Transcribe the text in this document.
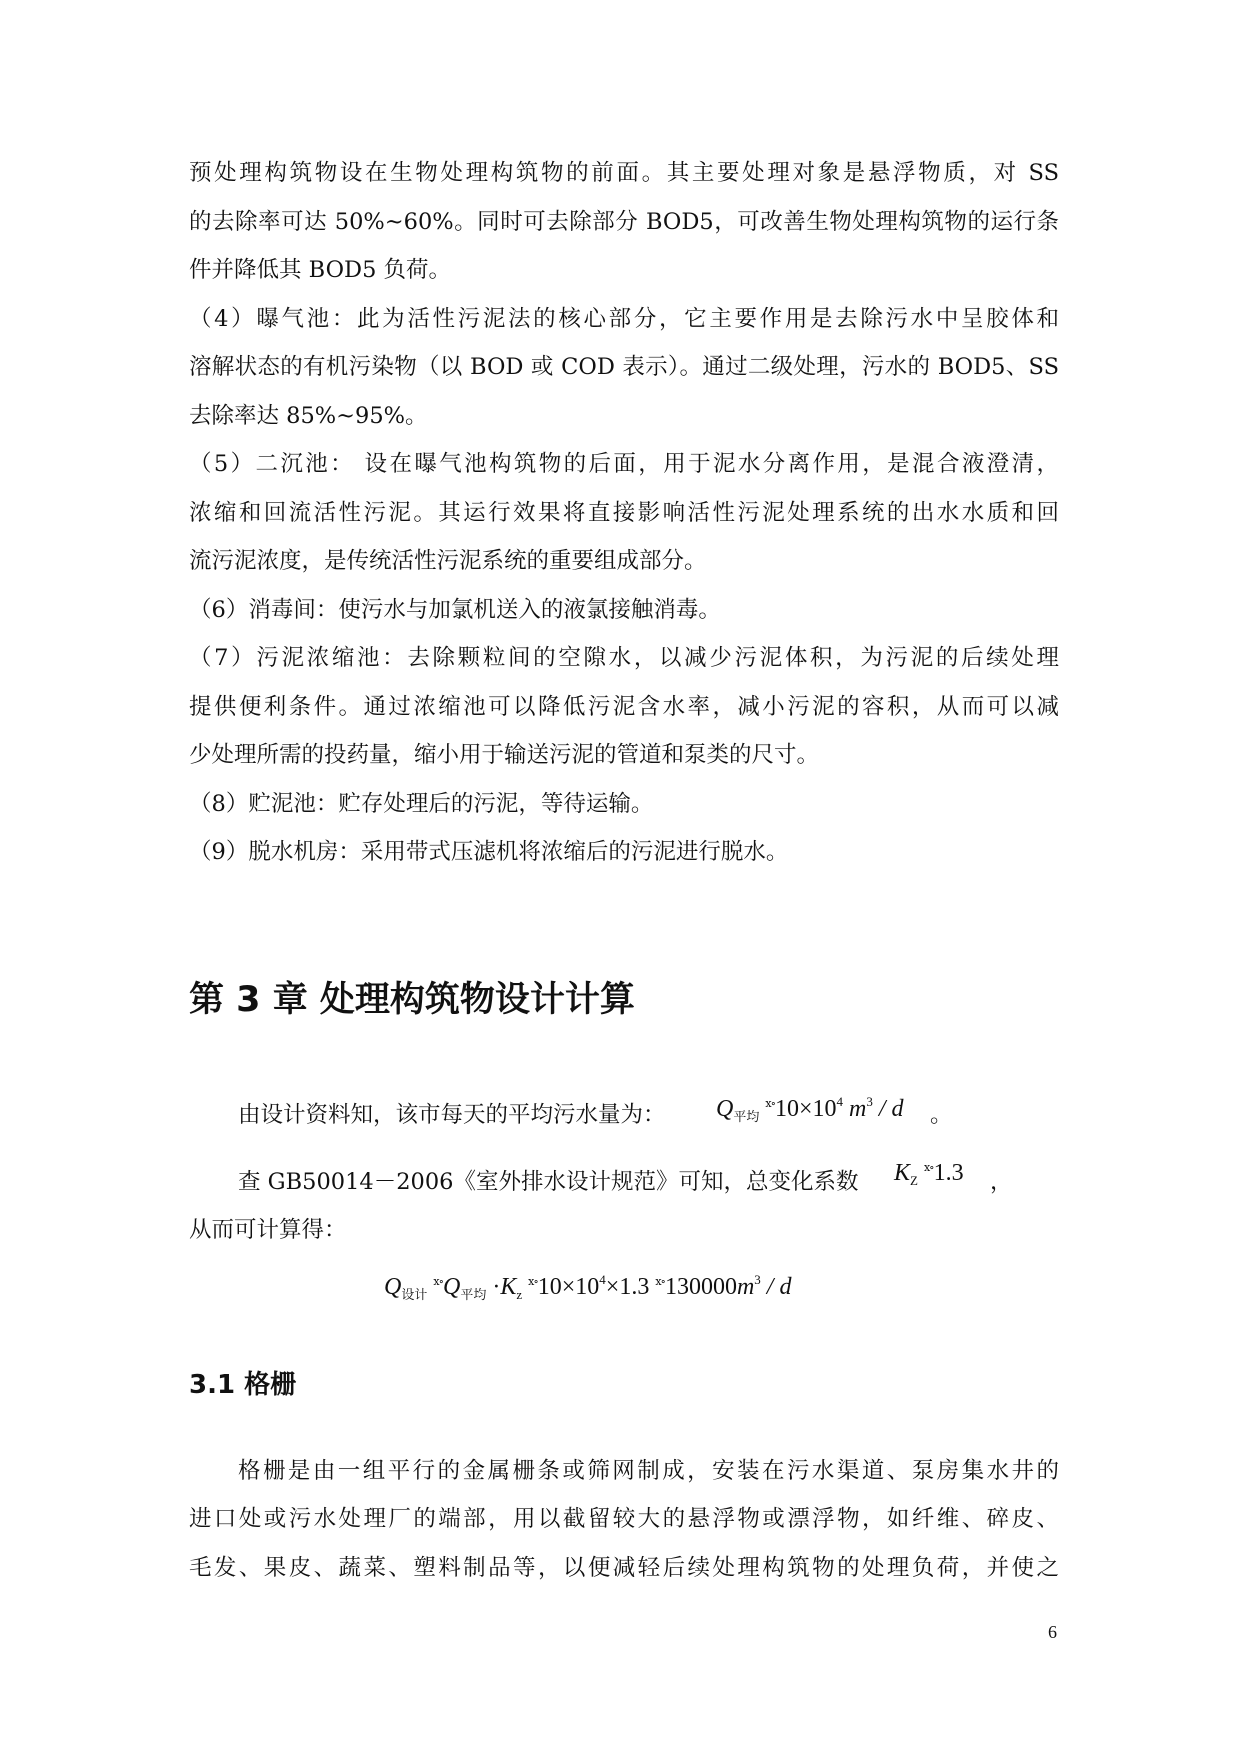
预处理构筑物设在生物处理构筑物的前面。其主要处理对象是悬浮物质，对 SS
的去除率可达 50%~60%。同时可去除部分 BOD5，可改善生物处理构筑物的运行条
件并降低其 BOD5 负荷。
（4）曝气池：此为活性污泥法的核心部分，它主要作用是去除污水中呈胶体和
溶解状态的有机污染物（以 BOD 或 COD 表示）。通过二级处理，污水的 BOD5、SS
去除率达 85%~95%。
（5）二沉池： 设在曝气池构筑物的后面，用于泥水分离作用，是混合液澄清，
浓缩和回流活性污泥。其运行效果将直接影响活性污泥处理系统的出水水质和回
流污泥浓度，是传统活性污泥系统的重要组成部分。
（6）消毒间：使污水与加氯机送入的液氯接触消毒。
（7）污泥浓缩池：去除颗粒间的空隙水，以减少污泥体积，为污泥的后续处理
提供便利条件。通过浓缩池可以降低污泥含水率，减小污泥的容积，从而可以减
少处理所需的投药量，缩小用于输送污泥的管道和泵类的尺寸。
（8）贮泥池：贮存处理后的污泥，等待运输。
（9）脱水机房：采用带式压滤机将浓缩后的污泥进行脱水。
第 3 章 处理构筑物设计计算
由设计资料知，该市每天的平均污水量为： $Q_{平均}$ $^{ⅹ\circ}10\times 10^4$ $m^3$ / d 。
查 GB50014－2006《室外排水设计规范》可知，总变化系数 $K_Z$ $^{ⅹ\circ}$1.3 ，
从而可计算得：
$Q_{设计}$ $^{ⅹ\circ}Q_{平均} \cdot K_z$ $^{ⅹ\circ}10\times 10^4\times 1.3$ $^{ⅹ\circ}130000m^3$ / d
3.1 格栅
格栅是由一组平行的金属栅条或筛网制成，安装在污水渠道、泵房集水井的
进口处或污水处理厂的端部，用以截留较大的悬浮物或漂浮物，如纤维、碎皮、
毛发、果皮、蔬菜、塑料制品等，以便减轻后续处理构筑物的处理负荷，并使之
6
